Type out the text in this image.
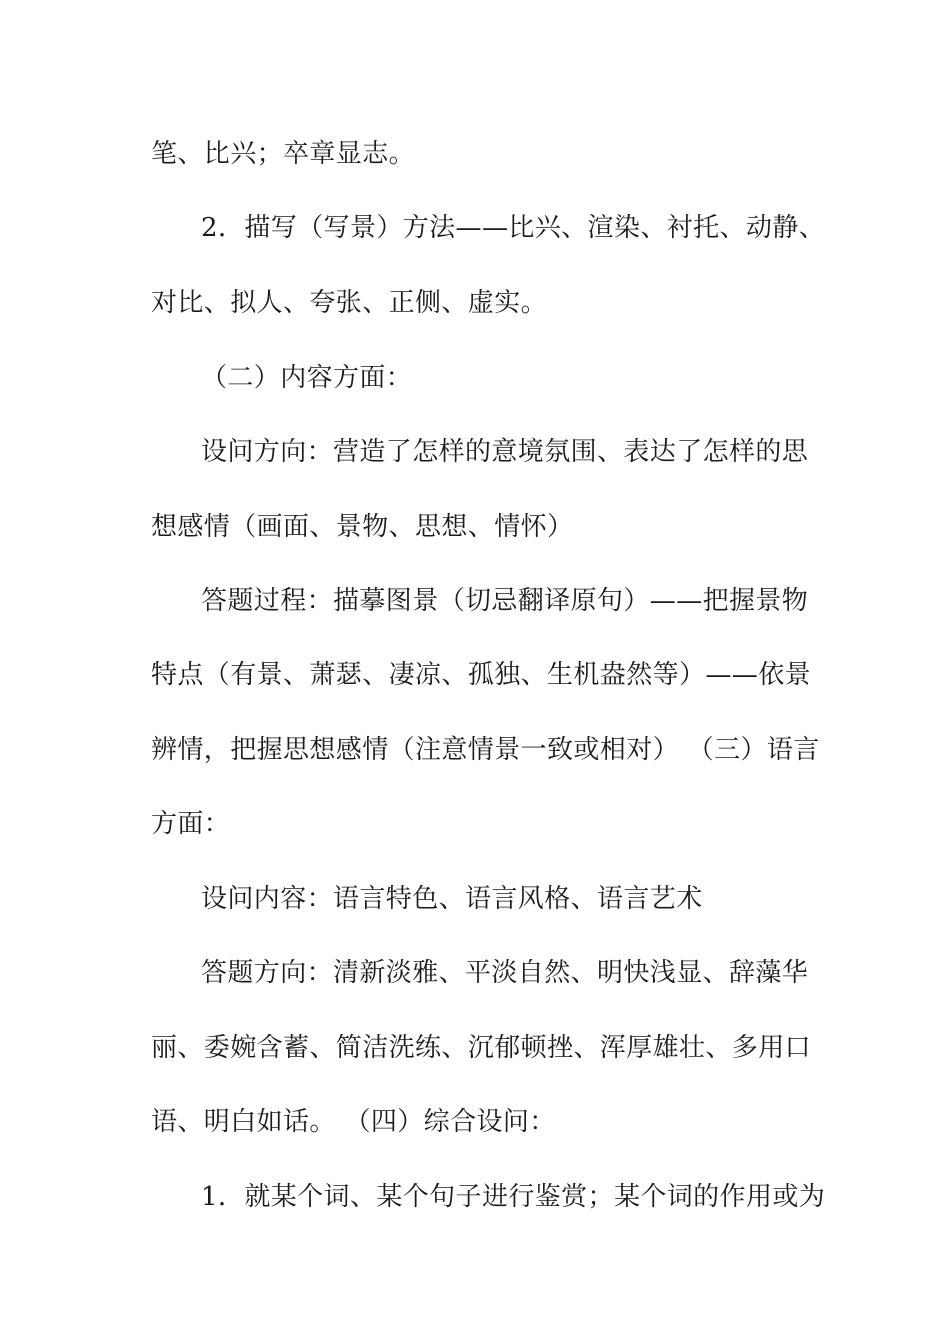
笔、比兴；卒章显志。
2．描写（写景）方法——比兴、渲染、衬托、动静、
对比、拟人、夸张、正侧、虚实。
（二）内容方面：
设问方向：营造了怎样的意境氛围、表达了怎样的思
想感情（画面、景物、思想、情怀）
答题过程：描摹图景（切忌翻译原句）——把握景物
特点（有景、萧瑟、凄凉、孤独、生机盎然等）——依景
辨情，把握思想感情（注意情景一致或相对） （三）语言
方面：
设问内容：语言特色、语言风格、语言艺术
答题方向：清新淡雅、平淡自然、明快浅显、辞藻华
丽、委婉含蓄、简洁洗练、沉郁顿挫、浑厚雄壮、多用口
语、明白如话。 （四）综合设问：
1．就某个词、某个句子进行鉴赏；某个词的作用或为
